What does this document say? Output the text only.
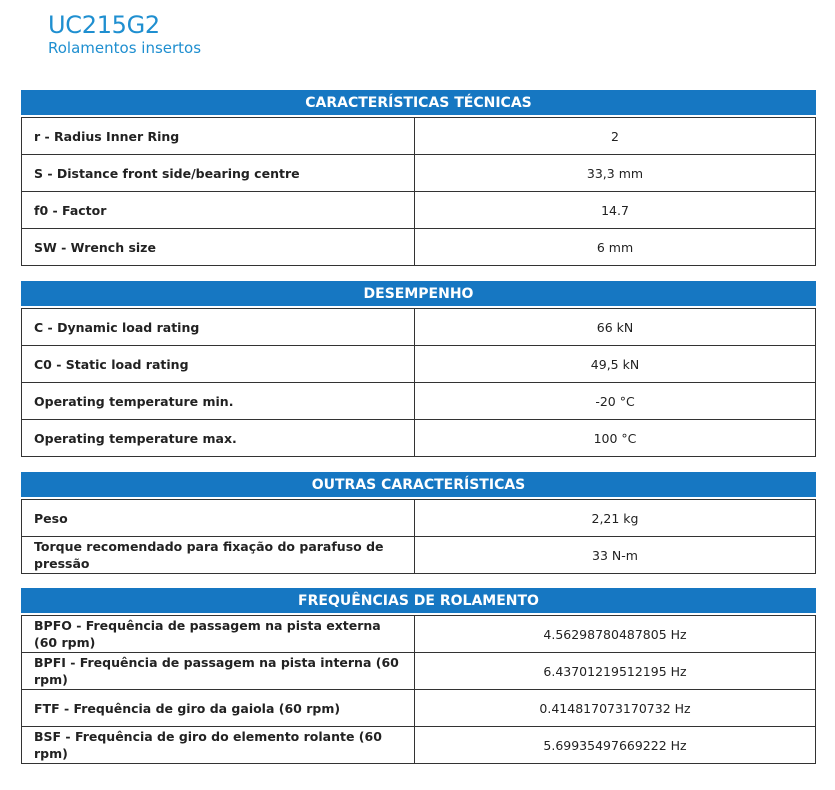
UC215G2
Rolamentos insertos
CARACTERÍSTICAS TÉCNICAS
r - Radius Inner Ring	2
S - Distance front side/bearing centre	33,3 mm
f0 - Factor	14.7
SW - Wrench size	6 mm
DESEMPENHO
C - Dynamic load rating	66 kN
C0 - Static load rating	49,5 kN
Operating temperature min.	-20 °C
Operating temperature max.	100 °C
OUTRAS CARACTERÍSTICAS
Peso	2,21 kg
Torque recomendado para fixação do parafuso de pressão	33 N-m
FREQUÊNCIAS DE ROLAMENTO
BPFO - Frequência de passagem na pista externa (60 rpm)	4.56298780487805 Hz
BPFI - Frequência de passagem na pista interna (60 rpm)	6.43701219512195 Hz
FTF - Frequência de giro da gaiola (60 rpm)	0.414817073170732 Hz
BSF - Frequência de giro do elemento rolante (60 rpm)	5.69935497669222 Hz
